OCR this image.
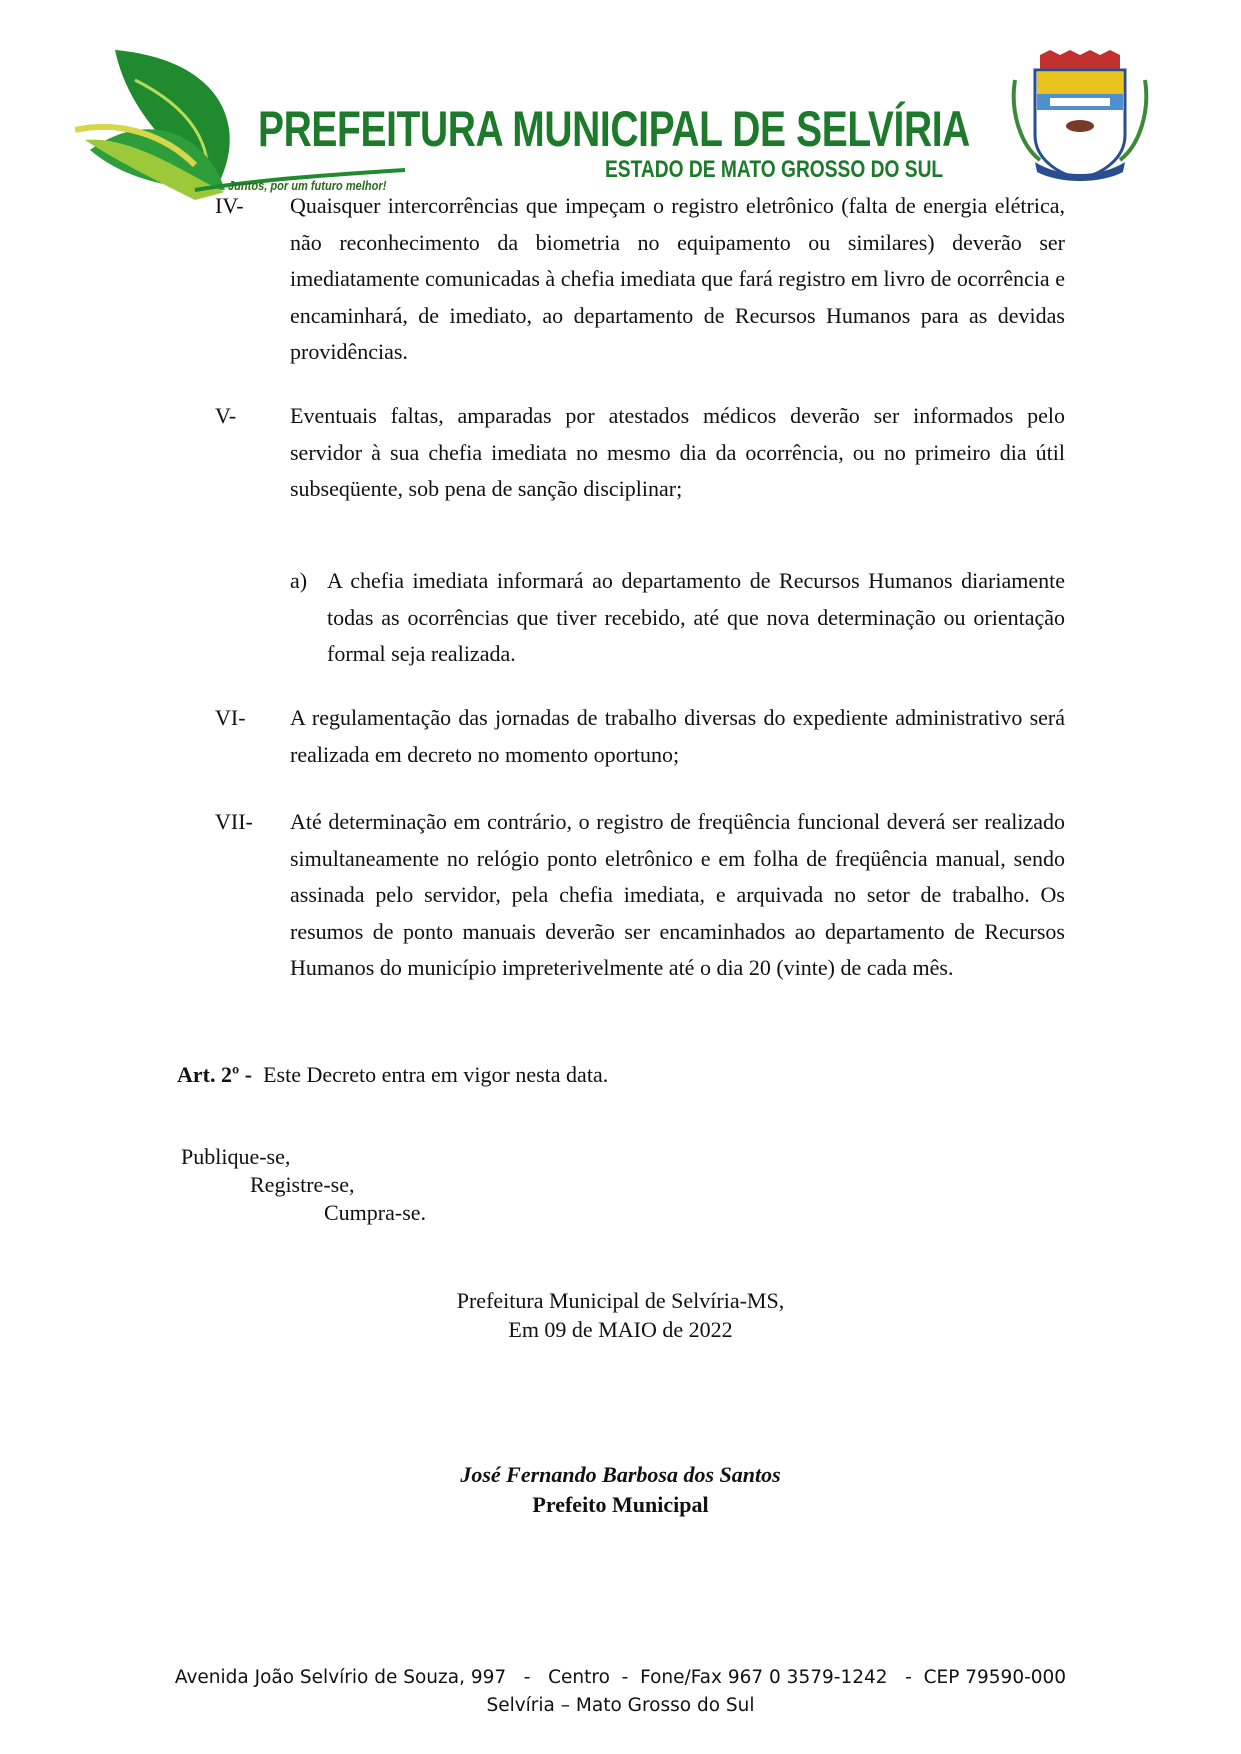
Juntos, por um futuro melhor!
PREFEITURA MUNICIPAL DE SELVÍRIA
ESTADO DE MATO GROSSO DO SUL
IV- Quaisquer intercorrências que impeçam o registro eletrônico (falta de energia elétrica, não reconhecimento da biometria no equipamento ou similares) deverão ser imediatamente comunicadas à chefia imediata que fará registro em livro de ocorrência e encaminhará, de imediato, ao departamento de Recursos Humanos para as devidas providências.
V- Eventuais faltas, amparadas por atestados médicos deverão ser informados pelo servidor à sua chefia imediata no mesmo dia da ocorrência, ou no primeiro dia útil subseqüente, sob pena de sanção disciplinar;
a) A chefia imediata informará ao departamento de Recursos Humanos diariamente todas as ocorrências que tiver recebido, até que nova determinação ou orientação formal seja realizada.
VI- A regulamentação das jornadas de trabalho diversas do expediente administrativo será realizada em decreto no momento oportuno;
VII- Até determinação em contrário, o registro de freqüência funcional deverá ser realizado simultaneamente no relógio ponto eletrônico e em folha de freqüência manual, sendo assinada pelo servidor, pela chefia imediata, e arquivada no setor de trabalho. Os resumos de ponto manuais deverão ser encaminhados ao departamento de Recursos Humanos do município impreterivelmente até o dia 20 (vinte) de cada mês.
Art. 2º - Este Decreto entra em vigor nesta data.
Publique-se,
Registre-se,
Cumpra-se.
Prefeitura Municipal de Selvíria-MS,
Em 09 de MAIO de 2022
José Fernando Barbosa dos Santos
Prefeito Municipal
Avenida João Selvírio de Souza, 997   -   Centro  -  Fone/Fax 967 0 3579-1242   -  CEP 79590-000
Selvíria – Mato Grosso do Sul
